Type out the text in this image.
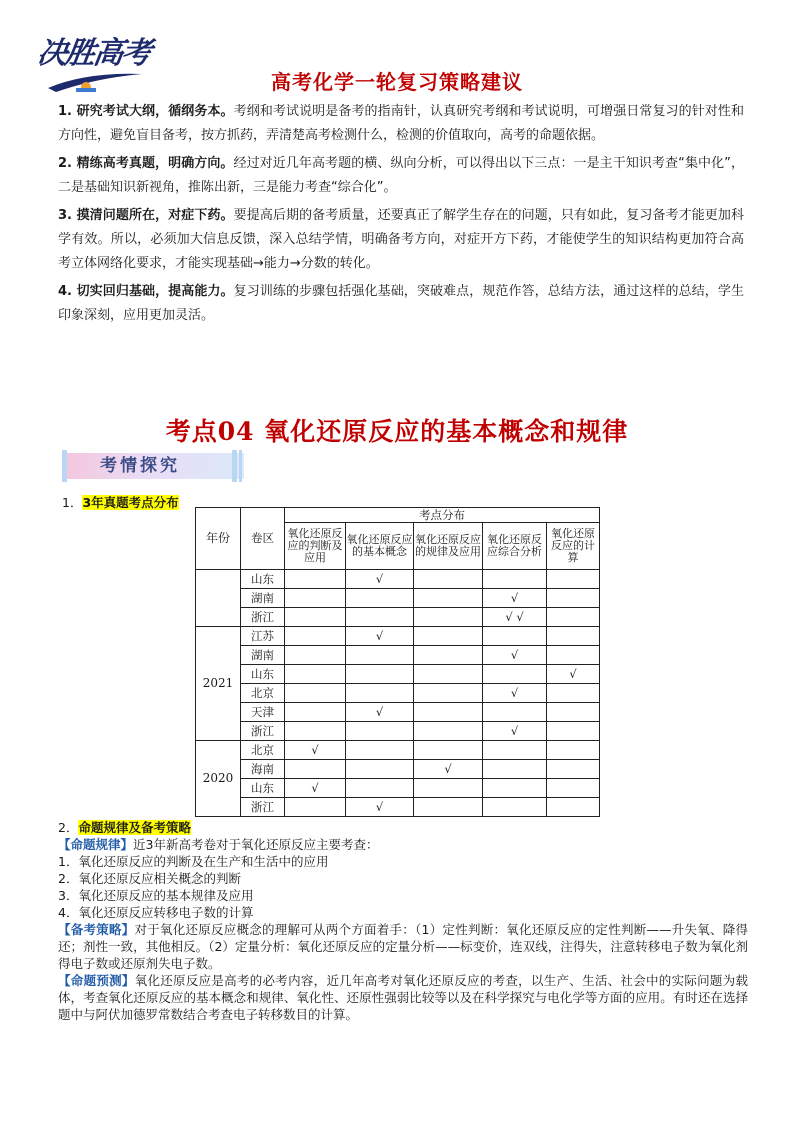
决胜高考
高考化学一轮复习策略建议

1. 研究考试大纲，循纲务本。考纲和考试说明是备考的指南针，认真研究考纲和考试说明，可增强日常复习的针对性和方向性，避免盲目备考，按方抓药，弄清楚高考检测什么，检测的价值取向，高考的命题依据。

2. 精练高考真题，明确方向。经过对近几年高考题的横、纵向分析，可以得出以下三点：一是主干知识考查“集中化”，二是基础知识新视角，推陈出新，三是能力考查“综合化”。

3. 摸清问题所在，对症下药。要提高后期的备考质量，还要真正了解学生存在的问题，只有如此，复习备考才能更加科学有效。所以，必须加大信息反馈，深入总结学情，明确备考方向，对症开方下药，才能使学生的知识结构更加符合高考立体网络化要求，才能实现基础→能力→分数的转化。

4. 切实回归基础，提高能力。复习训练的步骤包括强化基础，突破难点，规范作答，总结方法，通过这样的总结，学生印象深刻，应用更加灵活。

考点04 氧化还原反应的基本概念和规律
考情探究
1．3年真题考点分布
年份	卷区	考点分布				
		氧化还原反应的判断及应用	氧化还原反应的基本概念	氧化还原反应的规律及应用	氧化还原反应综合分析	氧化还原反应的计算
	山东		√			
	湖南				√	
	浙江				√ √	
2021	江苏		√			
	湖南				√	
	山东					√
	北京				√	
	天津		√			
	浙江				√	
2020	北京	√				
	海南			√		
	山东	√				
	浙江		√			
2．命题规律及备考策略
【命题规律】近3年新高考卷对于氧化还原反应主要考查：
1．氧化还原反应的判断及在生产和生活中的应用
2．氧化还原反应相关概念的判断
3．氧化还原反应的基本规律及应用
4．氧化还原反应转移电子数的计算
【备考策略】对于氧化还原反应概念的理解可从两个方面着手：（1）定性判断：氧化还原反应的定性判断——升失氧、降得还；剂性一致，其他相反。（2）定量分析：氧化还原反应的定量分析——标变价，连双线，注得失，注意转移电子数为氧化剂得电子数或还原剂失电子数。
【命题预测】氧化还原反应是高考的必考内容，近几年高考对氧化还原反应的考查，以生产、生活、社会中的实际问题为载体，考查氧化还原反应的基本概念和规律、氧化性、还原性强弱比较等以及在科学探究与电化学等方面的应用。有时还在选择题中与阿伏加德罗常数结合考查电子转移数目的计算。
